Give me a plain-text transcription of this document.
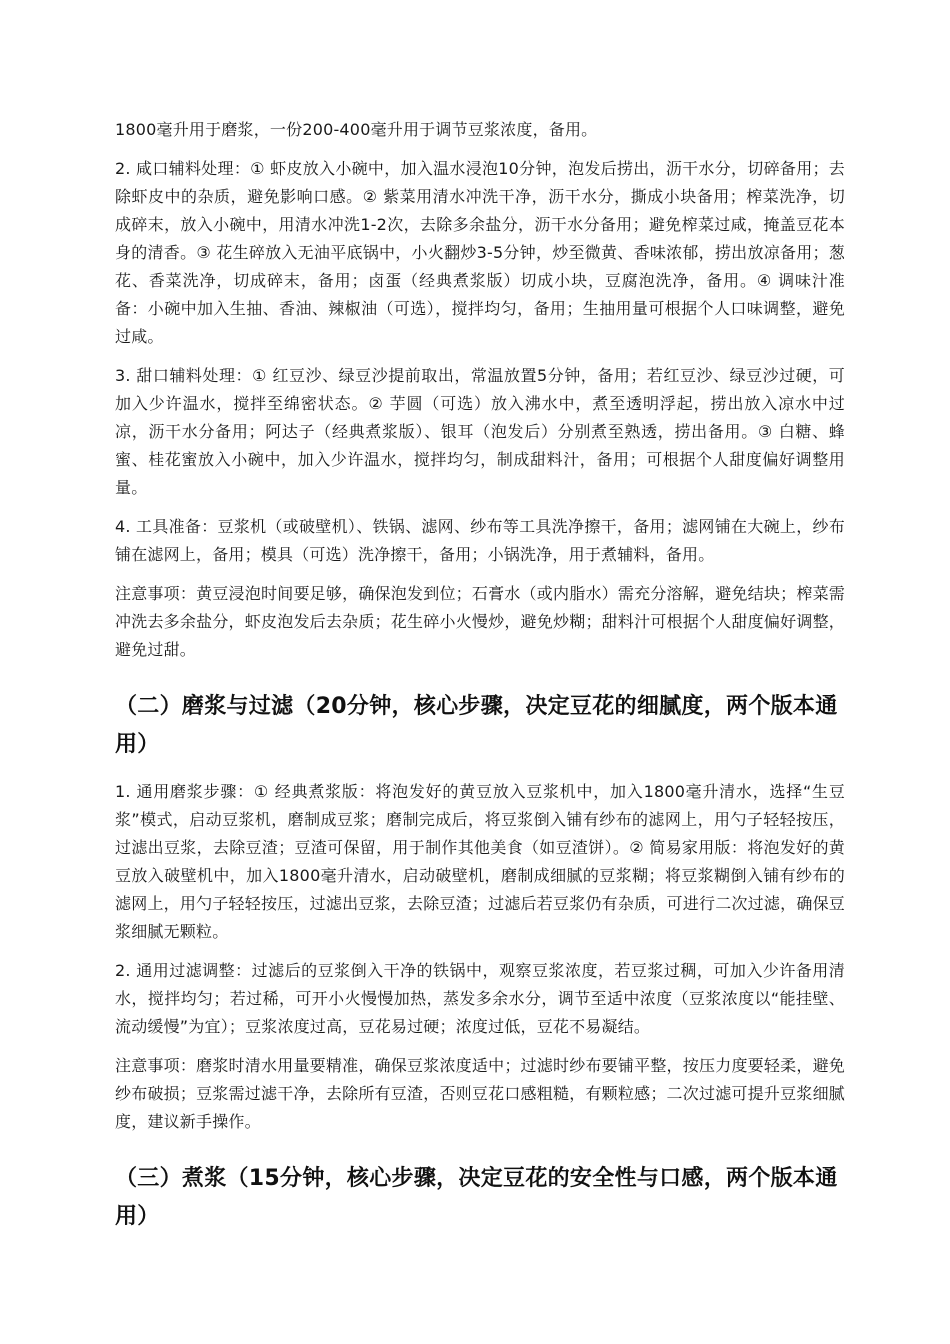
1800毫升用于磨浆，一份200-400毫升用于调节豆浆浓度，备用。

2. 咸口辅料处理：① 虾皮放入小碗中，加入温水浸泡10分钟，泡发后捞出，沥干水分，切碎备用；去除虾皮中的杂质，避免影响口感。② 紫菜用清水冲洗干净，沥干水分，撕成小块备用；榨菜洗净，切成碎末，放入小碗中，用清水冲洗1-2次，去除多余盐分，沥干水分备用；避免榨菜过咸，掩盖豆花本身的清香。③ 花生碎放入无油平底锅中，小火翻炒3-5分钟，炒至微黄、香味浓郁，捞出放凉备用；葱花、香菜洗净，切成碎末，备用；卤蛋（经典煮浆版）切成小块，豆腐泡洗净，备用。④ 调味汁准备：小碗中加入生抽、香油、辣椒油（可选），搅拌均匀，备用；生抽用量可根据个人口味调整，避免过咸。

3. 甜口辅料处理：① 红豆沙、绿豆沙提前取出，常温放置5分钟，备用；若红豆沙、绿豆沙过硬，可加入少许温水，搅拌至绵密状态。② 芋圆（可选）放入沸水中，煮至透明浮起，捞出放入凉水中过凉，沥干水分备用；阿达子（经典煮浆版）、银耳（泡发后）分别煮至熟透，捞出备用。③ 白糖、蜂蜜、桂花蜜放入小碗中，加入少许温水，搅拌均匀，制成甜料汁，备用；可根据个人甜度偏好调整用量。

4. 工具准备：豆浆机（或破壁机）、铁锅、滤网、纱布等工具洗净擦干，备用；滤网铺在大碗上，纱布铺在滤网上，备用；模具（可选）洗净擦干，备用；小锅洗净，用于煮辅料，备用。

注意事项：黄豆浸泡时间要足够，确保泡发到位；石膏水（或内脂水）需充分溶解，避免结块；榨菜需冲洗去多余盐分，虾皮泡发后去杂质；花生碎小火慢炒，避免炒糊；甜料汁可根据个人甜度偏好调整，避免过甜。

（二）磨浆与过滤（20分钟，核心步骤，决定豆花的细腻度，两个版本通用）

1. 通用磨浆步骤：① 经典煮浆版：将泡发好的黄豆放入豆浆机中，加入1800毫升清水，选择“生豆浆”模式，启动豆浆机，磨制成豆浆；磨制完成后，将豆浆倒入铺有纱布的滤网上，用勺子轻轻按压，过滤出豆浆，去除豆渣；豆渣可保留，用于制作其他美食（如豆渣饼）。② 简易家用版：将泡发好的黄豆放入破壁机中，加入1800毫升清水，启动破壁机，磨制成细腻的豆浆糊；将豆浆糊倒入铺有纱布的滤网上，用勺子轻轻按压，过滤出豆浆，去除豆渣；过滤后若豆浆仍有杂质，可进行二次过滤，确保豆浆细腻无颗粒。

2. 通用过滤调整：过滤后的豆浆倒入干净的铁锅中，观察豆浆浓度，若豆浆过稠，可加入少许备用清水，搅拌均匀；若过稀，可开小火慢慢加热，蒸发多余水分，调节至适中浓度（豆浆浓度以“能挂壁、流动缓慢”为宜）；豆浆浓度过高，豆花易过硬；浓度过低，豆花不易凝结。

注意事项：磨浆时清水用量要精准，确保豆浆浓度适中；过滤时纱布要铺平整，按压力度要轻柔，避免纱布破损；豆浆需过滤干净，去除所有豆渣，否则豆花口感粗糙，有颗粒感；二次过滤可提升豆浆细腻度，建议新手操作。

（三）煮浆（15分钟，核心步骤，决定豆花的安全性与口感，两个版本通用）
